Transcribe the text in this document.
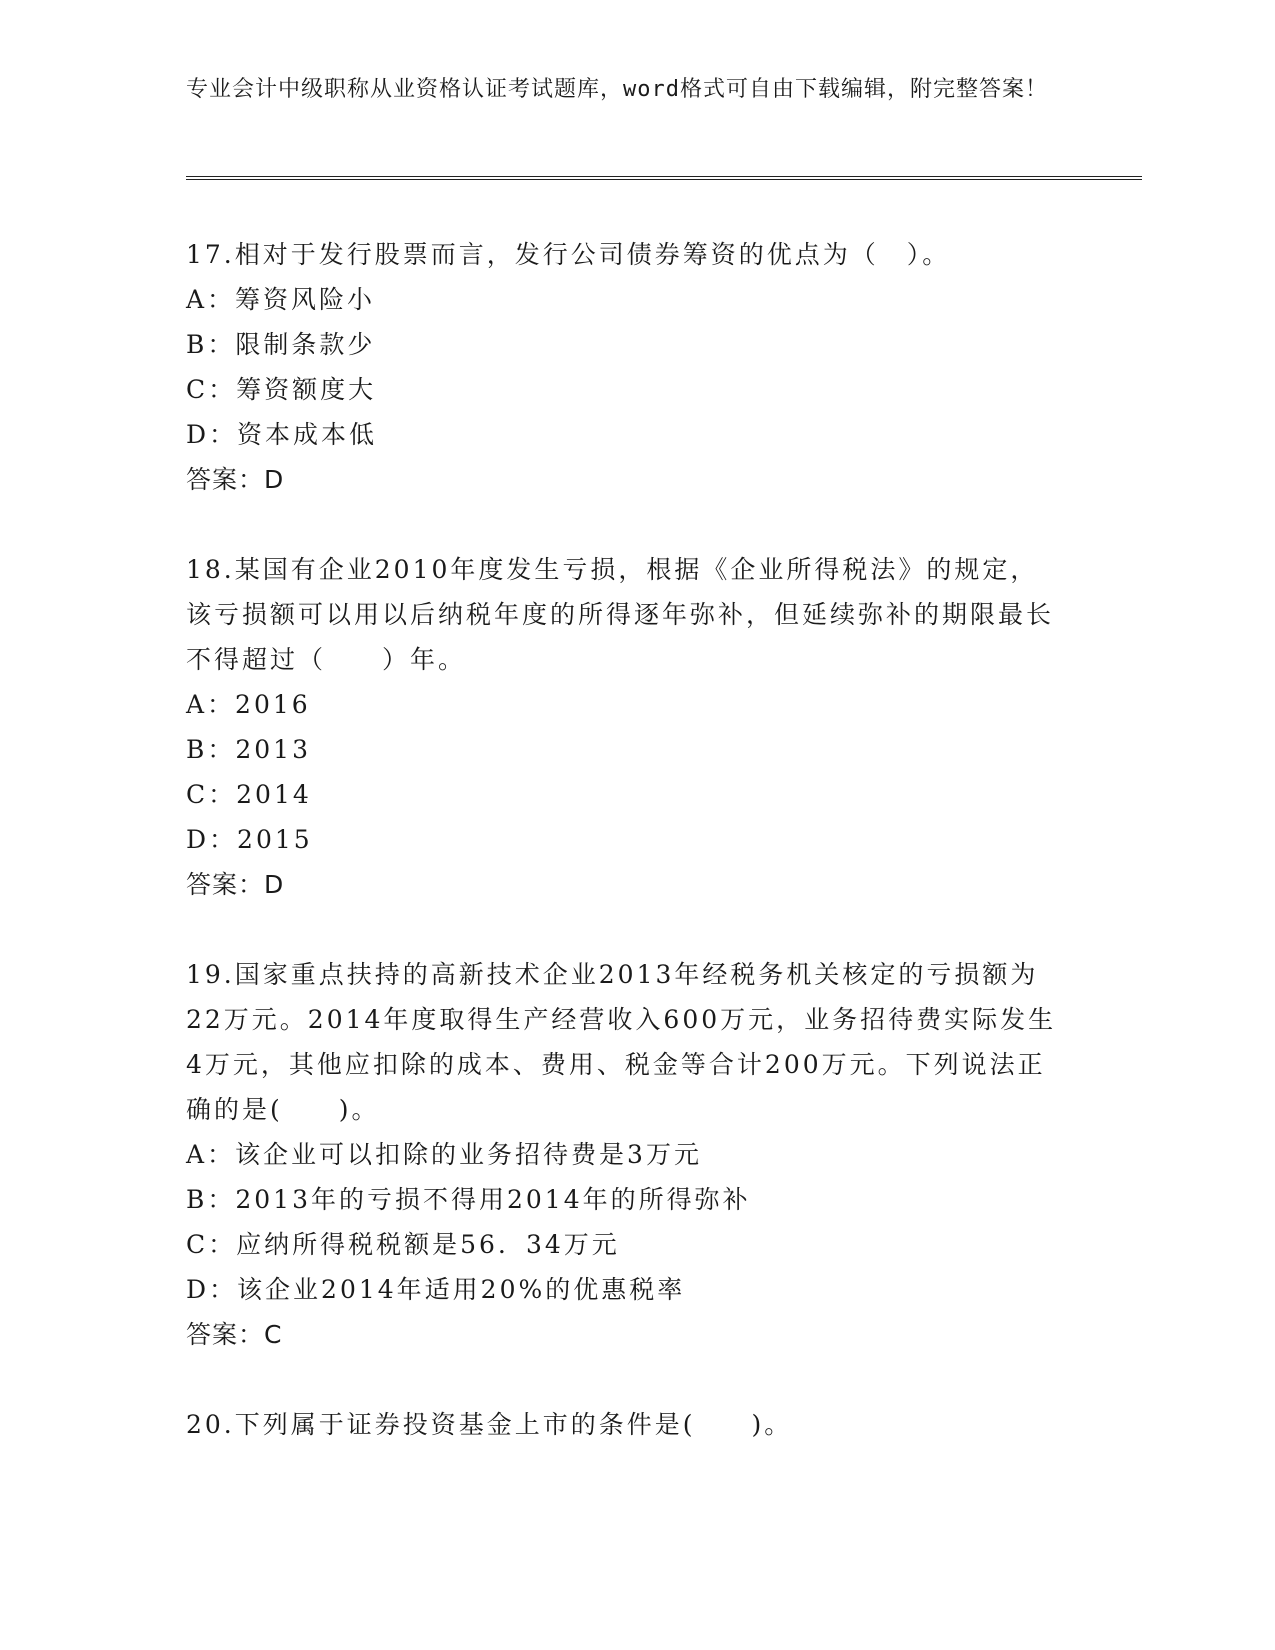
专业会计中级职称从业资格认证考试题库，word格式可自由下载编辑，附完整答案！
17.相对于发行股票而言，发行公司债券筹资的优点为（　）。
A：筹资风险小
B：限制条款少
C：筹资额度大
D：资本成本低
答案：D
18.某国有企业2010年度发生亏损，根据《企业所得税法》的规定，该亏损额可以用以后纳税年度的所得逐年弥补，但延续弥补的期限最长不得超过（　　）年。
A：2016
B：2013
C：2014
D：2015
答案：D
19.国家重点扶持的高新技术企业2013年经税务机关核定的亏损额为22万元。2014年度取得生产经营收入600万元，业务招待费实际发生4万元，其他应扣除的成本、费用、税金等合计200万元。下列说法正确的是(　　)。
A：该企业可以扣除的业务招待费是3万元
B：2013年的亏损不得用2014年的所得弥补
C：应纳所得税税额是56．34万元
D：该企业2014年适用20%的优惠税率
答案：C
20.下列属于证券投资基金上市的条件是(　　)。
